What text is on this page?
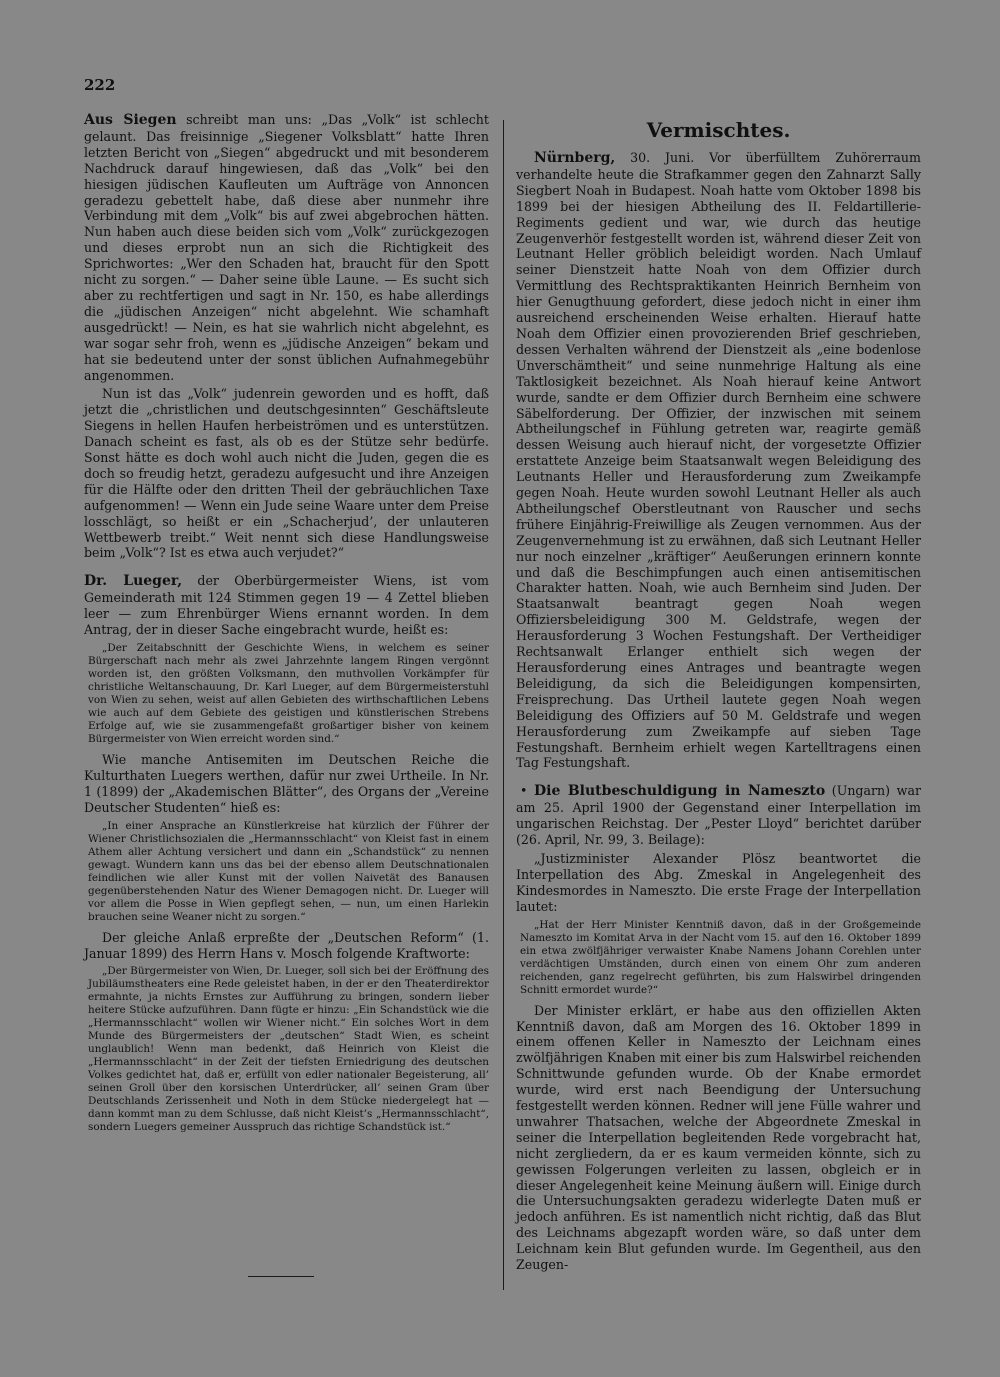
222

Aus Siegen schreibt man uns: „Das „Volk“ ist schlecht gelaunt. Das freisinnige „Siegener Volksblatt“ hatte Ihren letzten Bericht von „Siegen“ abgedruckt und mit besonderem Nachdruck darauf hingewiesen, daß das „Volk“ bei den hiesigen jüdischen Kaufleuten um Aufträge von Annoncen geradezu gebettelt habe, daß diese aber nunmehr ihre Verbindung mit dem „Volk“ bis auf zwei abgebrochen hätten. Nun haben auch diese beiden sich vom „Volk“ zurückgezogen und dieses erprobt nun an sich die Richtigkeit des Sprichwortes: „Wer den Schaden hat, braucht für den Spott nicht zu sorgen.“ — Daher seine üble Laune. — Es sucht sich aber zu rechtfertigen und sagt in Nr. 150, es habe allerdings die „jüdischen Anzeigen“ nicht abgelehnt. Wie schamhaft ausgedrückt! — Nein, es hat sie wahrlich nicht abgelehnt, es war sogar sehr froh, wenn es „jüdische Anzeigen“ bekam und hat sie bedeutend unter der sonst üblichen Aufnahmegebühr angenommen.

Nun ist das „Volk“ judenrein geworden und es hofft, daß jetzt die „christlichen und deutschgesinnten“ Geschäftsleute Siegens in hellen Haufen herbeiströmen und es unterstützen. Danach scheint es fast, als ob es der Stütze sehr bedürfe. Sonst hätte es doch wohl auch nicht die Juden, gegen die es doch so freudig hetzt, geradezu aufgesucht und ihre Anzeigen für die Hälfte oder den dritten Theil der gebräuchlichen Taxe aufgenommen! — Wenn ein Jude seine Waare unter dem Preise losschlägt, so heißt er ein „Schacherjud’, der unlauteren Wettbewerb treibt.“ Weit nennt sich diese Handlungsweise beim „Volk“? Ist es etwa auch verjudet?“

Dr. Lueger, der Oberbürgermeister Wiens, ist vom Gemeinderath mit 124 Stimmen gegen 19 — 4 Zettel blieben leer — zum Ehrenbürger Wiens ernannt worden. In dem Antrag, der in dieser Sache eingebracht wurde, heißt es:

„Der Zeitabschnitt der Geschichte Wiens, in welchem es seiner Bürgerschaft nach mehr als zwei Jahrzehnte langem Ringen vergönnt worden ist, den größten Volksmann, den muthvollen Vorkämpfer für christliche Weltanschauung, Dr. Karl Lueger, auf dem Bürgermeisterstuhl von Wien zu sehen, weist auf allen Gebieten des wirthschaftlichen Lebens wie auch auf dem Gebiete des geistigen und künstlerischen Strebens Erfolge auf, wie sie zusammengefaßt großartiger bisher von keinem Bürgermeister von Wien erreicht worden sind.“

Wie manche Antisemiten im Deutschen Reiche die Kulturthaten Luegers werthen, dafür nur zwei Urtheile. In Nr. 1 (1899) der „Akademischen Blätter“, des Organs der „Vereine Deutscher Studenten“ hieß es:

„In einer Ansprache an Künstlerkreise hat kürzlich der Führer der Wiener Christlichsozialen die „Hermannsschlacht“ von Kleist fast in einem Athem aller Achtung versichert und dann ein „Schandstück“ zu nennen gewagt. Wundern kann uns das bei der ebenso allem Deutschnationalen feindlichen wie aller Kunst mit der vollen Naivetät des Banausen gegenüberstehenden Natur des Wiener Demagogen nicht. Dr. Lueger will vor allem die Posse in Wien gepflegt sehen, — nun, um einen Harlekin brauchen seine Weaner nicht zu sorgen.“

Der gleiche Anlaß erpreßte der „Deutschen Reform“ (1. Januar 1899) des Herrn Hans v. Mosch folgende Kraftworte:

„Der Bürgermeister von Wien, Dr. Lueger, soll sich bei der Eröffnung des Jubiläumstheaters eine Rede geleistet haben, in der er den Theaterdirektor ermahnte, ja nichts Ernstes zur Aufführung zu bringen, sondern lieber heitere Stücke aufzuführen. Dann fügte er hinzu: „Ein Schandstück wie die „Hermannsschlacht“ wollen wir Wiener nicht.“ Ein solches Wort in dem Munde des Bürgermeisters der „deutschen“ Stadt Wien, es scheint unglaublich! Wenn man bedenkt, daß Heinrich von Kleist die „Hermannsschlacht“ in der Zeit der tiefsten Erniedrigung des deutschen Volkes gedichtet hat, daß er, erfüllt von edler nationaler Begeisterung, all’ seinen Groll über den korsischen Unterdrücker, all’ seinen Gram über Deutschlands Zerissenheit und Noth in dem Stücke niedergelegt hat — dann kommt man zu dem Schlusse, daß nicht Kleist’s „Hermannsschlacht“, sondern Luegers gemeiner Ausspruch das richtige Schandstück ist.“

Vermischtes.

Nürnberg, 30. Juni. Vor überfülltem Zuhörerraum verhandelte heute die Strafkammer gegen den Zahnarzt Sally Siegbert Noah in Budapest. Noah hatte vom Oktober 1898 bis 1899 bei der hiesigen Abtheilung des II. Feldartillerie-Regiments gedient und war, wie durch das heutige Zeugenverhör festgestellt worden ist, während dieser Zeit von Leutnant Heller gröblich beleidigt worden. Nach Umlauf seiner Dienstzeit hatte Noah von dem Offizier durch Vermittlung des Rechtspraktikanten Heinrich Bernheim von hier Genugthuung gefordert, diese jedoch nicht in einer ihm ausreichend erscheinenden Weise erhalten. Hierauf hatte Noah dem Offizier einen provozierenden Brief geschrieben, dessen Verhalten während der Dienstzeit als „eine bodenlose Unverschämtheit“ und seine nunmehrige Haltung als eine Taktlosigkeit bezeichnet. Als Noah hierauf keine Antwort wurde, sandte er dem Offizier durch Bernheim eine schwere Säbelforderung. Der Offizier, der inzwischen mit seinem Abtheilungschef in Fühlung getreten war, reagirte gemäß dessen Weisung auch hierauf nicht, der vorgesetzte Offizier erstattete Anzeige beim Staatsanwalt wegen Beleidigung des Leutnants Heller und Herausforderung zum Zweikampfe gegen Noah. Heute wurden sowohl Leutnant Heller als auch Abtheilungschef Oberstleutnant von Rauscher und sechs frühere Einjährig-Freiwillige als Zeugen vernommen. Aus der Zeugenvernehmung ist zu erwähnen, daß sich Leutnant Heller nur noch einzelner „kräftiger“ Aeußerungen erinnern konnte und daß die Beschimpfungen auch einen antisemitischen Charakter hatten. Noah, wie auch Bernheim sind Juden. Der Staatsanwalt beantragt gegen Noah wegen Offiziersbeleidigung 300 M. Geldstrafe, wegen der Herausforderung 3 Wochen Festungshaft. Der Vertheidiger Rechtsanwalt Erlanger enthielt sich wegen der Herausforderung eines Antrages und beantragte wegen Beleidigung, da sich die Beleidigungen kompensirten, Freisprechung. Das Urtheil lautete gegen Noah wegen Beleidigung des Offiziers auf 50 M. Geldstrafe und wegen Herausforderung zum Zweikampfe auf sieben Tage Festungshaft. Bernheim erhielt wegen Kartelltragens einen Tag Festungshaft.

• Die Blutbeschuldigung in Nameszto (Ungarn) war am 25. April 1900 der Gegenstand einer Interpellation im ungarischen Reichstag. Der „Pester Lloyd“ berichtet darüber (26. April, Nr. 99, 3. Beilage):

„Justizminister Alexander Plösz beantwortet die Interpellation des Abg. Zmeskal in Angelegenheit des Kindesmordes in Nameszto. Die erste Frage der Interpellation lautet:

„Hat der Herr Minister Kenntniß davon, daß in der Großgemeinde Nameszto im Komitat Arva in der Nacht vom 15. auf den 16. Oktober 1899 ein etwa zwölfjähriger verwaister Knabe Namens Johann Corehlen unter verdächtigen Umständen, durch einen von einem Ohr zum anderen reichenden, ganz regelrecht geführten, bis zum Halswirbel dringenden Schnitt ermordet wurde?“

Der Minister erklärt, er habe aus den offiziellen Akten Kenntniß davon, daß am Morgen des 16. Oktober 1899 in einem offenen Keller in Nameszto der Leichnam eines zwölfjährigen Knaben mit einer bis zum Halswirbel reichenden Schnittwunde gefunden wurde. Ob der Knabe ermordet wurde, wird erst nach Beendigung der Untersuchung festgestellt werden können. Redner will jene Fülle wahrer und unwahrer Thatsachen, welche der Abgeordnete Zmeskal in seiner die Interpellation begleitenden Rede vorgebracht hat, nicht zergliedern, da er es kaum vermeiden könnte, sich zu gewissen Folgerungen verleiten zu lassen, obgleich er in dieser Angelegenheit keine Meinung äußern will. Einige durch die Untersuchungsakten geradezu widerlegte Daten muß er jedoch anführen. Es ist namentlich nicht richtig, daß das Blut des Leichnams abgezapft worden wäre, so daß unter dem Leichnam kein Blut gefunden wurde. Im Gegentheil, aus den Zeugen-
